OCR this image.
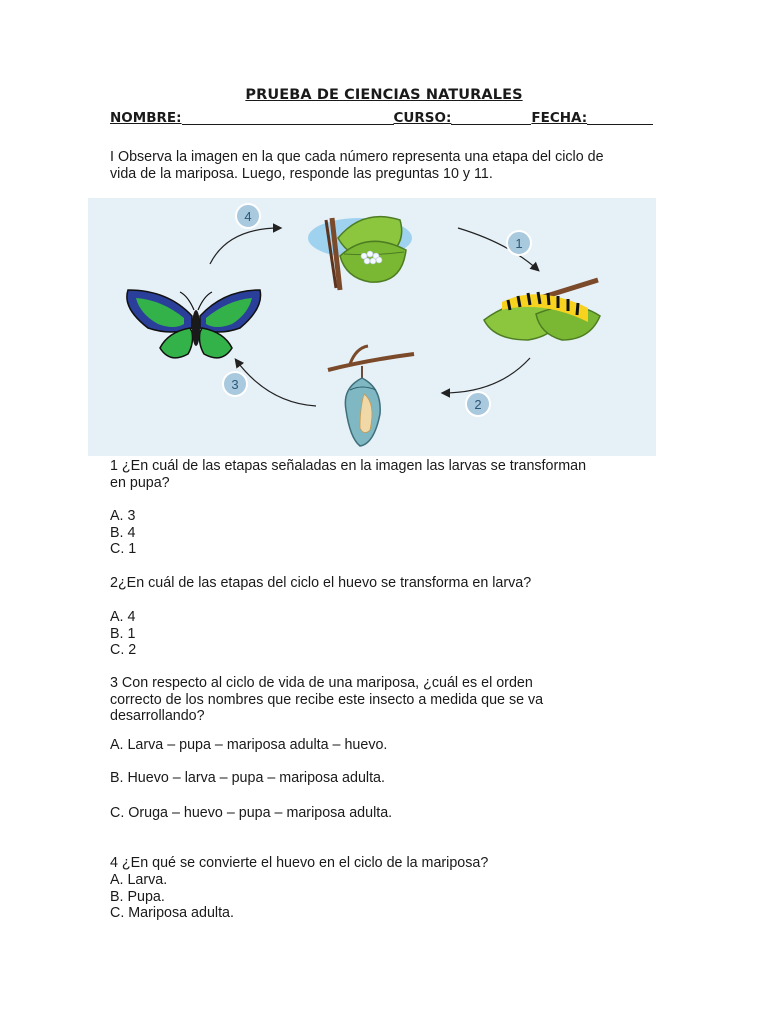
PRUEBA DE CIENCIAS NATURALES
NOMBRE:	CURSO:	FECHA:
I Observa la imagen en la que cada número representa una etapa del ciclo de
vida de la mariposa. Luego, responde las preguntas 10 y 11.
1
2
3
4
1 ¿En cuál de las etapas señaladas en la imagen las larvas se transforman
en pupa?
A. 3
B. 4
C. 1
2¿En cuál de las etapas del ciclo el huevo se transforma en larva?
A. 4
B. 1
C. 2
3 Con respecto al ciclo de vida de una mariposa, ¿cuál es el orden
correcto de los nombres que recibe este insecto a medida que se va
desarrollando?
A. Larva – pupa – mariposa adulta – huevo.
B. Huevo – larva – pupa – mariposa adulta.
C. Oruga – huevo – pupa – mariposa adulta.
4 ¿En qué se convierte el huevo en el ciclo de la mariposa?
A. Larva.
B. Pupa.
C. Mariposa adulta.
